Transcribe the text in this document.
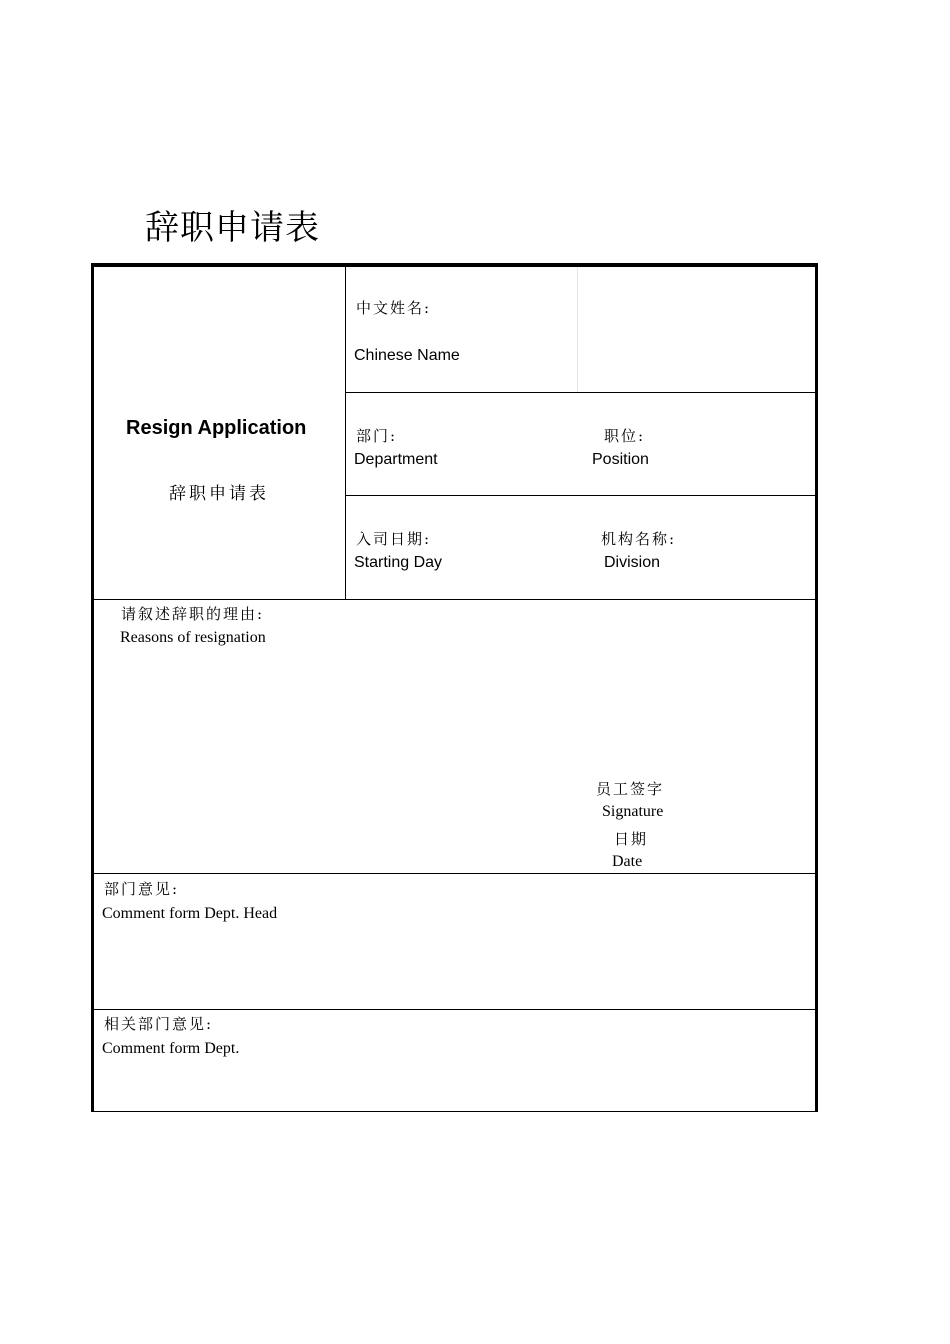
辞职申请表
Resign Application
辞职申请表
中文姓名:
Chinese Name
部门:
Department
职位:
Position
入司日期:
Starting Day
机构名称:
Division
请叙述辞职的理由:
Reasons of resignation
员工签字
Signature
日期
Date
部门意见:
Comment form Dept. Head
相关部门意见:
Comment form Dept.
